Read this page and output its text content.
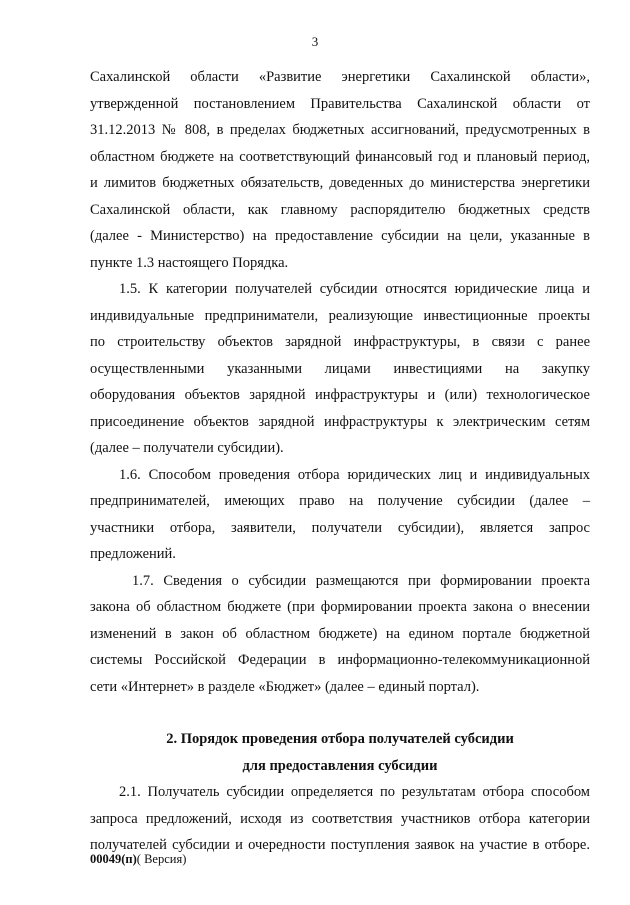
3
Сахалинской области «Развитие энергетики Сахалинской области»,
утвержденной постановлением Правительства Сахалинской области от
31.12.2013 № 808, в пределах бюджетных ассигнований, предусмотренных в
областном бюджете на соответствующий финансовый год и плановый период,
и лимитов бюджетных обязательств, доведенных до министерства энергетики
Сахалинской области, как главному распорядителю бюджетных средств
(далее - Министерство) на предоставление субсидии на цели, указанные в
пункте 1.3 настоящего Порядка.
1.5. К категории получателей субсидии относятся юридические лица и
индивидуальные предприниматели, реализующие инвестиционные проекты
по строительству объектов зарядной инфраструктуры, в связи с ранее
осуществленными указанными лицами инвестициями на закупку
оборудования объектов зарядной инфраструктуры и (или) технологическое
присоединение объектов зарядной инфраструктуры к электрическим сетям
(далее – получатели субсидии).
1.6. Способом проведения отбора юридических лиц и индивидуальных
предпринимателей, имеющих право на получение субсидии (далее –
участники отбора, заявители, получатели субсидии), является запрос
предложений.
1.7. Сведения о субсидии размещаются при формировании проекта
закона об областном бюджете (при формировании проекта закона о внесении
изменений в закон об областном бюджете) на едином портале бюджетной
системы Российской Федерации в информационно-телекоммуникационной
сети «Интернет» в разделе «Бюджет» (далее – единый портал).
2. Порядок проведения отбора получателей субсидии
для предоставления субсидии
2.1. Получатель субсидии определяется по результатам отбора способом
запроса предложений, исходя из соответствия участников отбора категории
получателей субсидии и очередности поступления заявок на участие в отборе.
00049(п)( Версия)
